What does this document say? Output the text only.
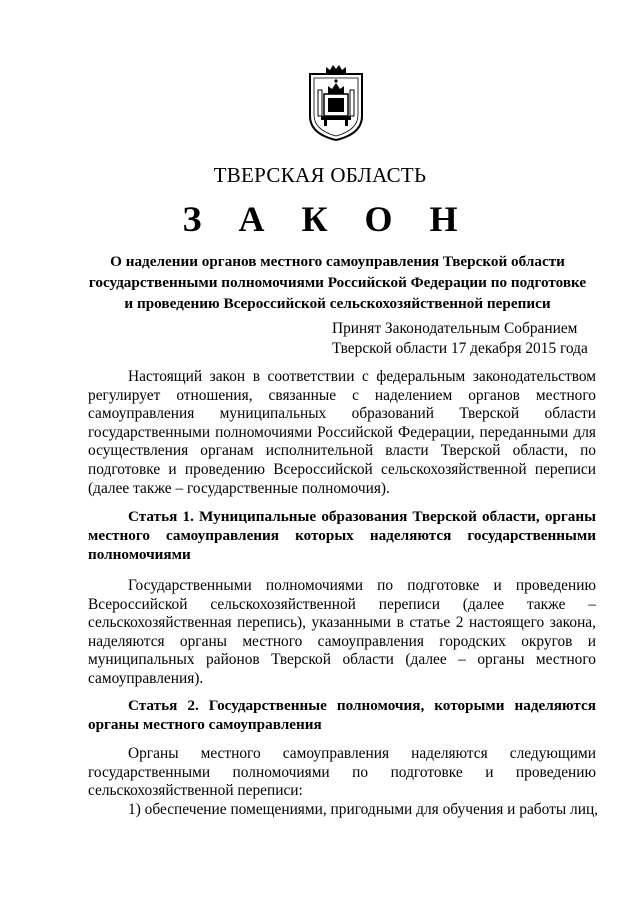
ТВЕРСКАЯ ОБЛАСТЬ
З А К О Н
О наделении органов местного самоуправления Тверской области
государственными полномочиями Российской Федерации по подготовке
и проведению Всероссийской сельскохозяйственной переписи
Принят Законодательным Собранием
Тверской области 17 декабря 2015 года
Настоящий закон в соответствии с федеральным законодательством
регулирует отношения, связанные с наделением органов местного
самоуправления муниципальных образований Тверской области
государственными полномочиями Российской Федерации, переданными для
осуществления органам исполнительной власти Тверской области, по
подготовке и проведению Всероссийской сельскохозяйственной переписи
(далее также – государственные полномочия).
Статья 1. Муниципальные образования Тверской области, органы
местного самоуправления которых наделяются государственными
полномочиями
Государственными полномочиями по подготовке и проведению
Всероссийской сельскохозяйственной переписи (далее также –
сельскохозяйственная перепись), указанными в статье 2 настоящего закона,
наделяются органы местного самоуправления городских округов и
муниципальных районов Тверской области (далее – органы местного
самоуправления).
Статья 2. Государственные полномочия, которыми наделяются
органы местного самоуправления
Органы местного самоуправления наделяются следующими
государственными полномочиями по подготовке и проведению
сельскохозяйственной переписи:
1) обеспечение помещениями, пригодными для обучения и работы лиц,
